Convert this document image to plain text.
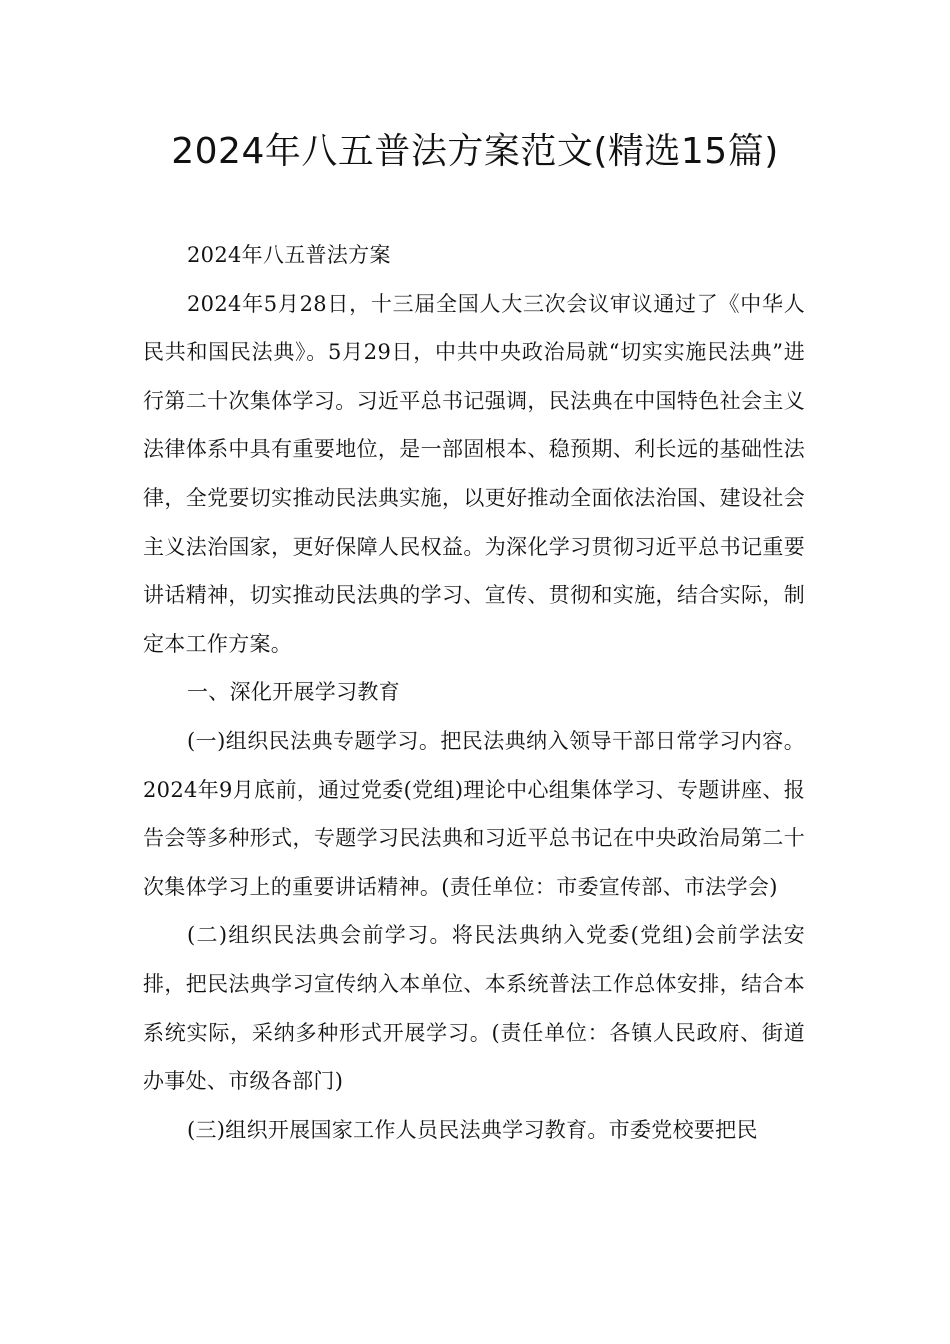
2024年八五普法方案范文(精选15篇)

2024年八五普法方案

2024年5月28日，十三届全国人大三次会议审议通过了《中华人民共和国民法典》。5月29日，中共中央政治局就“切实实施民法典”进行第二十次集体学习。习近平总书记强调，民法典在中国特色社会主义法律体系中具有重要地位，是一部固根本、稳预期、利长远的基础性法律，全党要切实推动民法典实施，以更好推动全面依法治国、建设社会主义法治国家，更好保障人民权益。为深化学习贯彻习近平总书记重要讲话精神，切实推动民法典的学习、宣传、贯彻和实施，结合实际，制定本工作方案。

一、深化开展学习教育

(一)组织民法典专题学习。把民法典纳入领导干部日常学习内容。2024年9月底前，通过党委(党组)理论中心组集体学习、专题讲座、报告会等多种形式，专题学习民法典和习近平总书记在中央政治局第二十次集体学习上的重要讲话精神。(责任单位：市委宣传部、市法学会)

(二)组织民法典会前学习。将民法典纳入党委(党组)会前学法安排，把民法典学习宣传纳入本单位、本系统普法工作总体安排，结合本系统实际，采纳多种形式开展学习。(责任单位：各镇人民政府、街道办事处、市级各部门)

(三)组织开展国家工作人员民法典学习教育。市委党校要把民
